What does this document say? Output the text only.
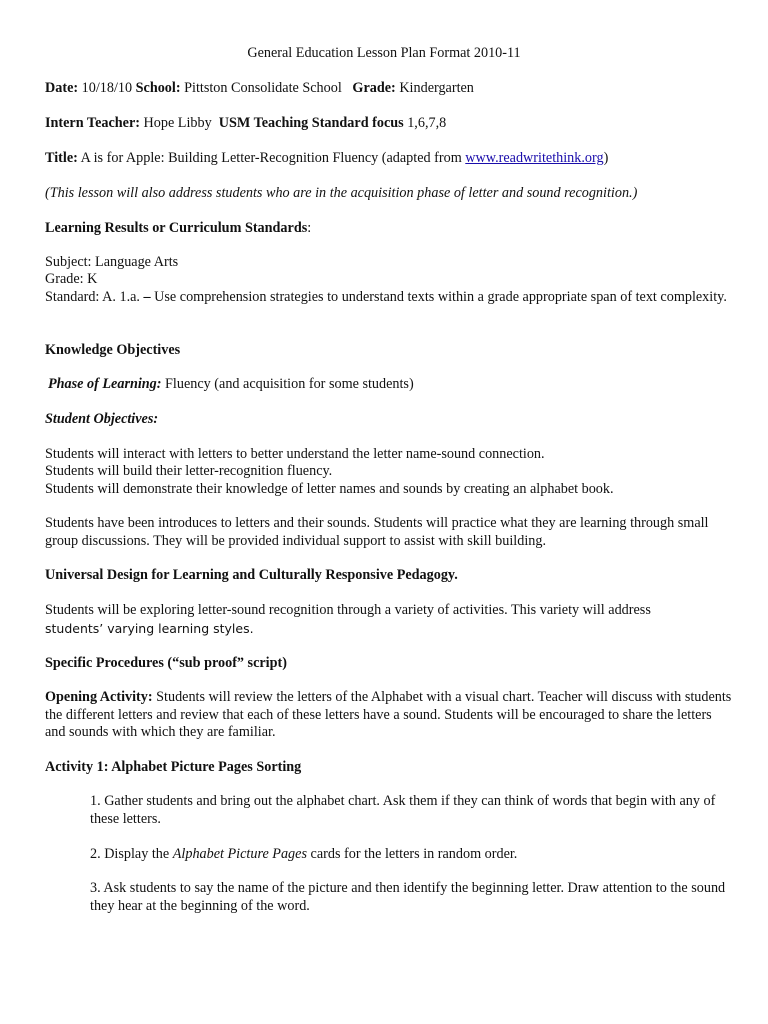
General Education Lesson Plan Format 2010-11
Date: 10/18/10 School: Pittston Consolidate School Grade: Kindergarten
Intern Teacher: Hope Libby USM Teaching Standard focus 1,6,7,8
Title: A is for Apple: Building Letter-Recognition Fluency (adapted from www.readwritethink.org)
(This lesson will also address students who are in the acquisition phase of letter and sound recognition.)
Learning Results or Curriculum Standards:
Subject: Language Arts
Grade: K
Standard: A. 1.a. – Use comprehension strategies to understand texts within a grade appropriate span of text complexity.
Knowledge Objectives
Phase of Learning: Fluency (and acquisition for some students)
Student Objectives:
Students will interact with letters to better understand the letter name-sound connection.
Students will build their letter-recognition fluency.
Students will demonstrate their knowledge of letter names and sounds by creating an alphabet book.
Students have been introduces to letters and their sounds. Students will practice what they are learning through small group discussions. They will be provided individual support to assist with skill building.
Universal Design for Learning and Culturally Responsive Pedagogy.
Students will be exploring letter-sound recognition through a variety of activities. This variety will address
students’ varying learning styles.
Specific Procedures (“sub proof” script)
Opening Activity: Students will review the letters of the Alphabet with a visual chart. Teacher will discuss with students the different letters and review that each of these letters have a sound. Students will be encouraged to share the letters and sounds with which they are familiar.
Activity 1: Alphabet Picture Pages Sorting
1. Gather students and bring out the alphabet chart. Ask them if they can think of words that begin with any of these letters.
2. Display the Alphabet Picture Pages cards for the letters in random order.
3. Ask students to say the name of the picture and then identify the beginning letter. Draw attention to the sound they hear at the beginning of the word.
